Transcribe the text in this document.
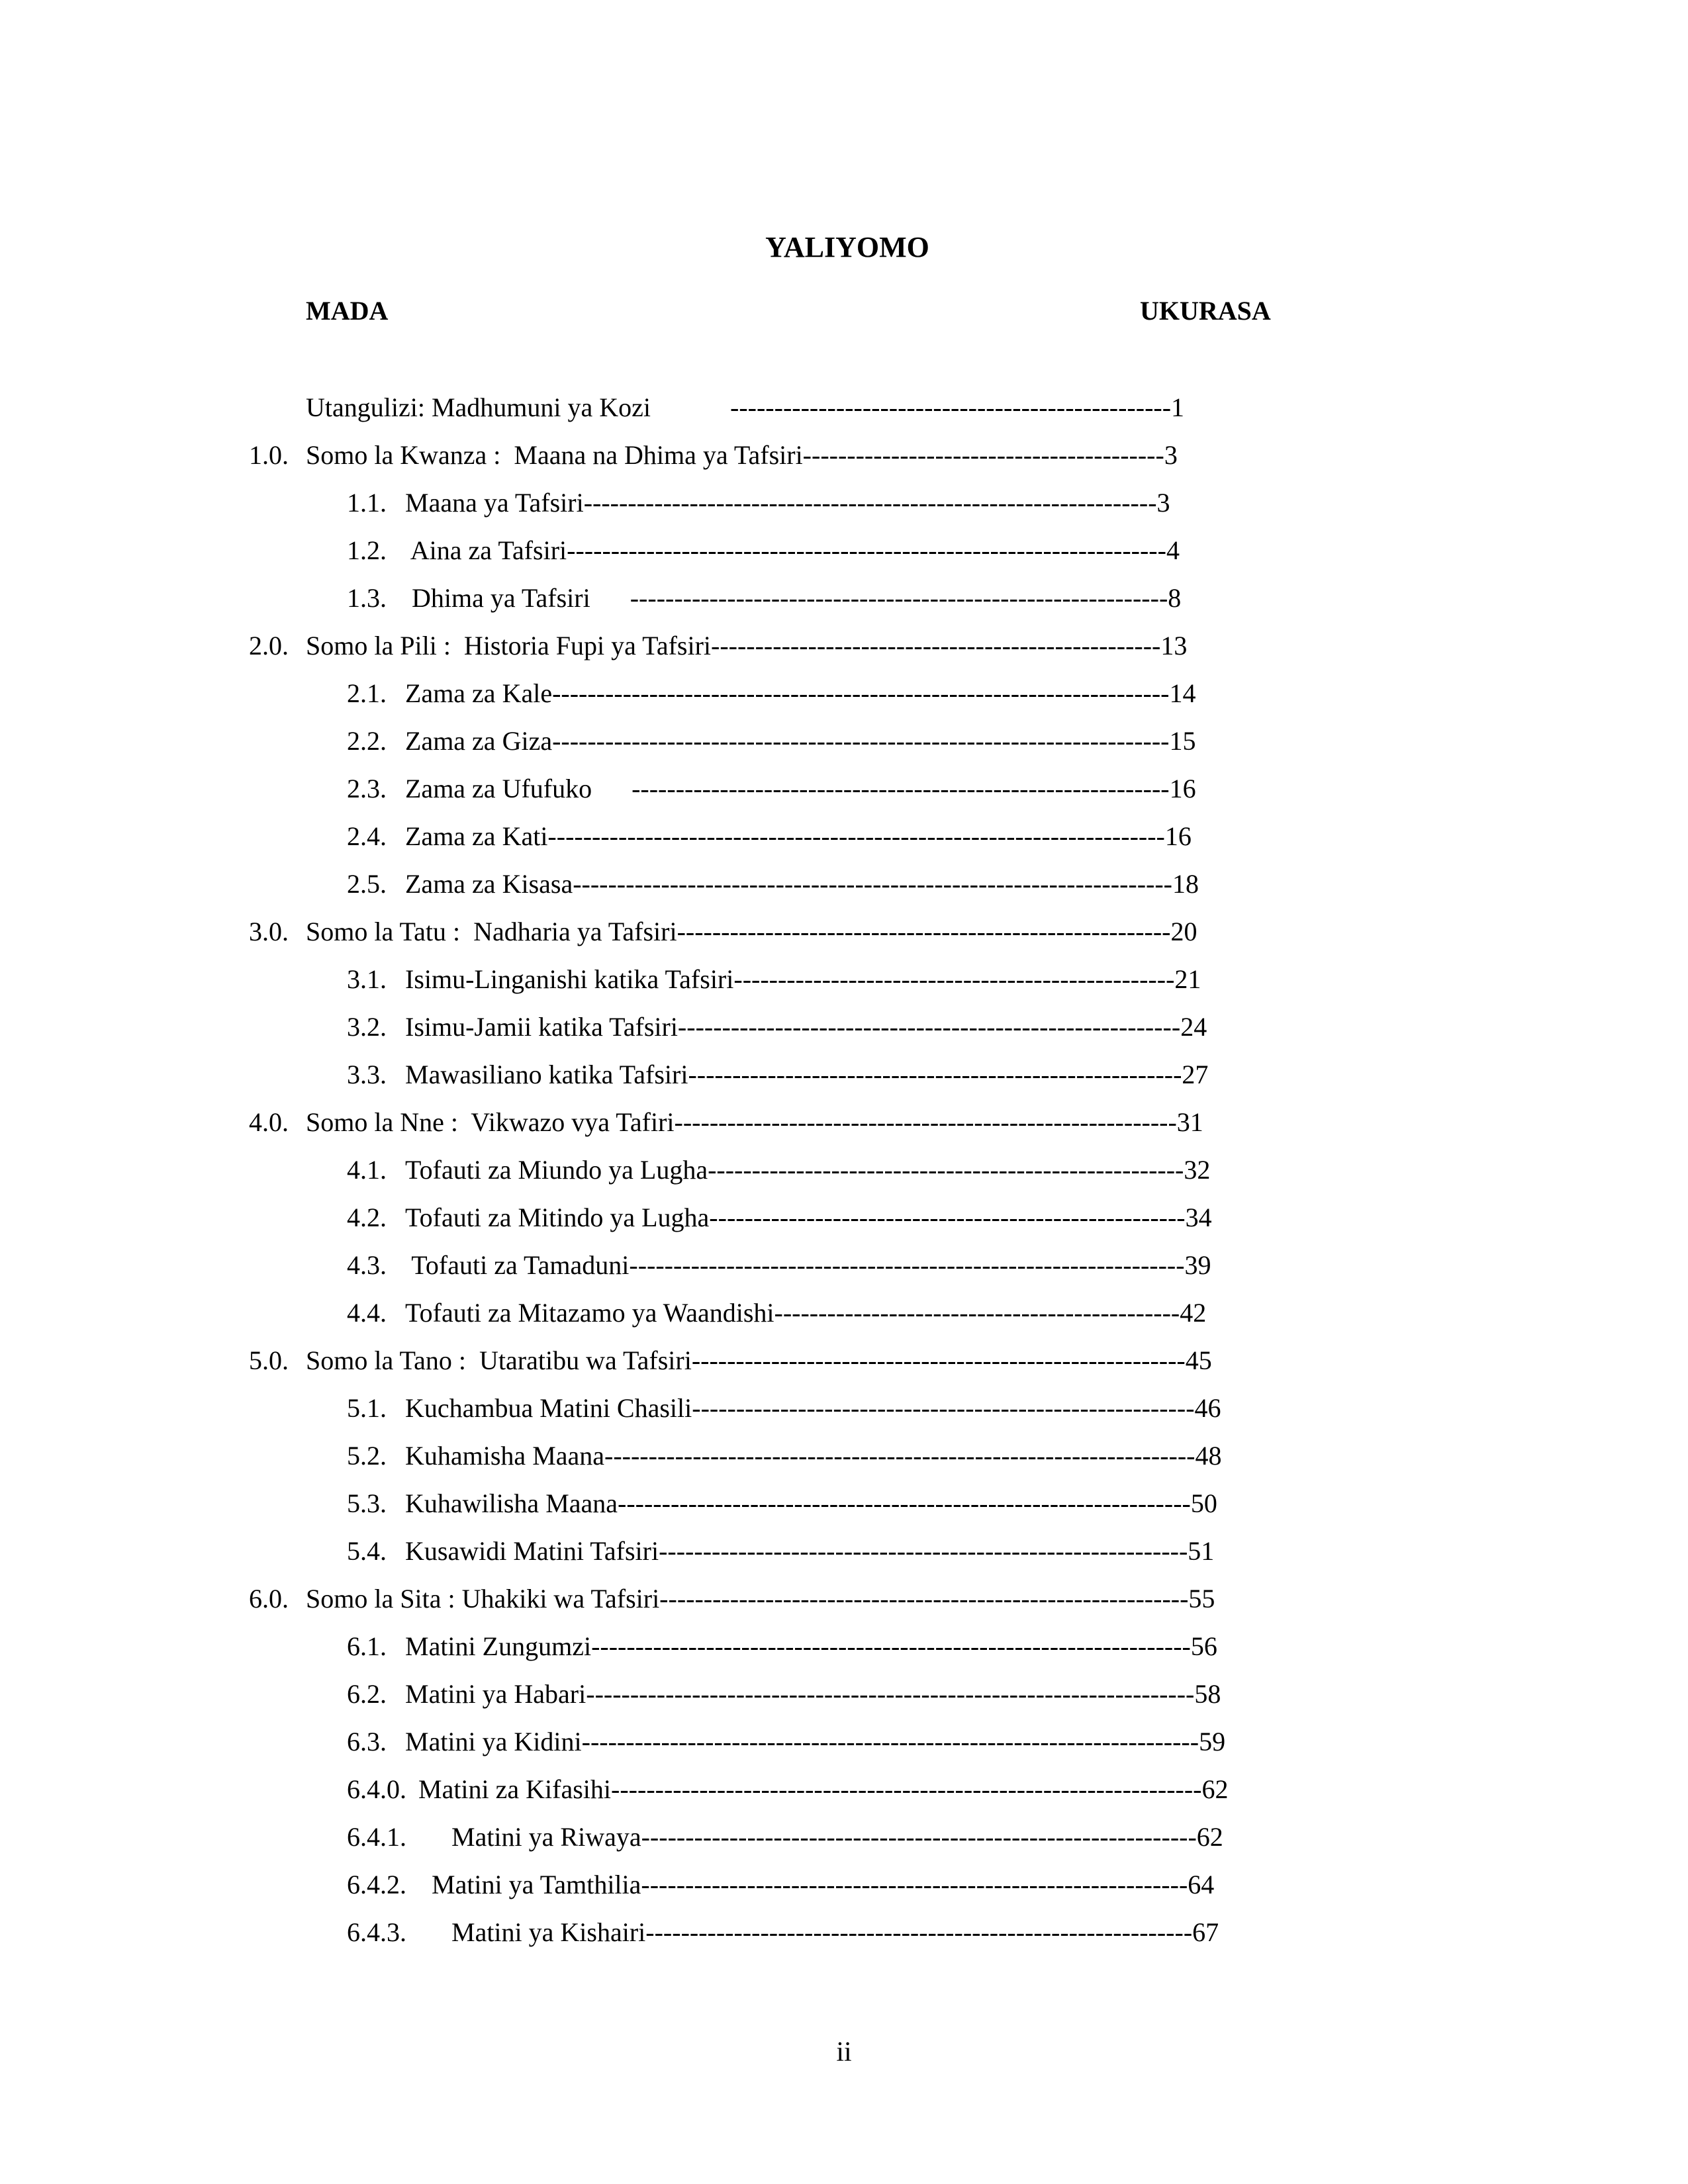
YALIYOMO
MADA	UKURASA
Utangulizi: Madhumuni ya Kozi            --------------------------------------------------1
1.0. Somo la Kwanza :  Maana na Dhima ya Tafsiri-----------------------------------------3
1.1. Maana ya Tafsiri-----------------------------------------------------------------3
1.2. Aina za Tafsiri--------------------------------------------------------------------4
1.3. Dhima ya Tafsiri      -------------------------------------------------------------8
2.0. Somo la Pili :  Historia Fupi ya Tafsiri---------------------------------------------------13
2.1. Zama za Kale----------------------------------------------------------------------14
2.2. Zama za Giza----------------------------------------------------------------------15
2.3. Zama za Ufufuko      -------------------------------------------------------------16
2.4. Zama za Kati----------------------------------------------------------------------16
2.5. Zama za Kisasa--------------------------------------------------------------------18
3.0. Somo la Tatu :  Nadharia ya Tafsiri--------------------------------------------------------20
3.1. Isimu-Linganishi katika Tafsiri--------------------------------------------------21
3.2. Isimu-Jamii katika Tafsiri---------------------------------------------------------24
3.3. Mawasiliano katika Tafsiri--------------------------------------------------------27
4.0. Somo la Nne :  Vikwazo vya Tafiri---------------------------------------------------------31
4.1. Tofauti za Miundo ya Lugha------------------------------------------------------32
4.2. Tofauti za Mitindo ya Lugha------------------------------------------------------34
4.3. Tofauti za Tamaduni---------------------------------------------------------------39
4.4. Tofauti za Mitazamo ya Waandishi----------------------------------------------42
5.0. Somo la Tano :  Utaratibu wa Tafsiri--------------------------------------------------------45
5.1. Kuchambua Matini Chasili---------------------------------------------------------46
5.2. Kuhamisha Maana-------------------------------------------------------------------48
5.3. Kuhawilisha Maana-----------------------------------------------------------------50
5.4. Kusawidi Matini Tafsiri------------------------------------------------------------51
6.0. Somo la Sita : Uhakiki wa Tafsiri------------------------------------------------------------55
6.1. Matini Zungumzi--------------------------------------------------------------------56
6.2. Matini ya Habari---------------------------------------------------------------------58
6.3. Matini ya Kidini----------------------------------------------------------------------59
6.4.0. Matini za Kifasihi-------------------------------------------------------------------62
6.4.1. Matini ya Riwaya---------------------------------------------------------------62
6.4.2. Matini ya Tamthilia--------------------------------------------------------------64
6.4.3. Matini ya Kishairi--------------------------------------------------------------67
ii
